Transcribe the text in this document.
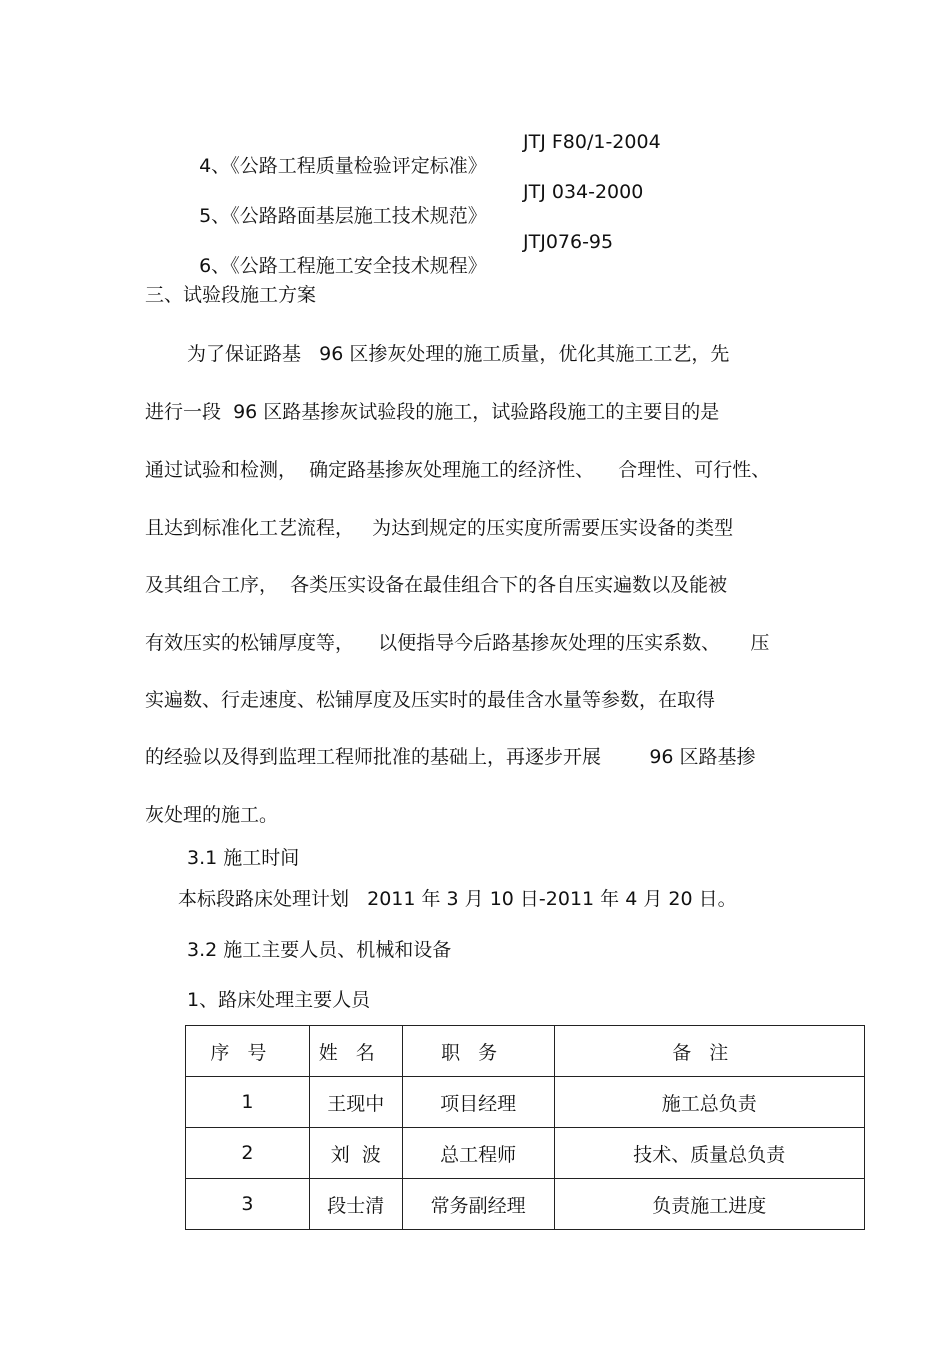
4、《公路工程质量检验评定标准》

JTJ F80/1-2004

5、《公路路面基层施工技术规范》

JTJ 034-2000

6、《公路工程施工安全技术规程》

JTJ076-95

三、试验段施工方案
为了保证路基   96 区掺灰处理的施工质量，优化其施工工艺，先
进行一段  96 区路基掺灰试验段的施工，试验路段施工的主要目的是
通过试验和检测，  确定路基掺灰处理施工的经济性、    合理性、可行性、
且达到标准化工艺流程，   为达到规定的压实度所需要压实设备的类型
及其组合工序，  各类压实设备在最佳组合下的各自压实遍数以及能被
有效压实的松铺厚度等，    以便指导今后路基掺灰处理的压实系数、     压
实遍数、行走速度、松铺厚度及压实时的最佳含水量等参数，在取得
的经验以及得到监理工程师批准的基础上，再逐步开展        96 区路基掺
灰处理的施工。
3.1 施工时间
本标段路床处理计划   2011 年 3 月 10 日-2011 年 4 月 20 日。
3.2 施工主要人员、机械和设备
1、路床处理主要人员
序号	姓名	职务	备注
1	王现中	项目经理	施工总负责
2	刘  波	总工程师	技术、质量总负责
3	段士清	常务副经理	负责施工进度
